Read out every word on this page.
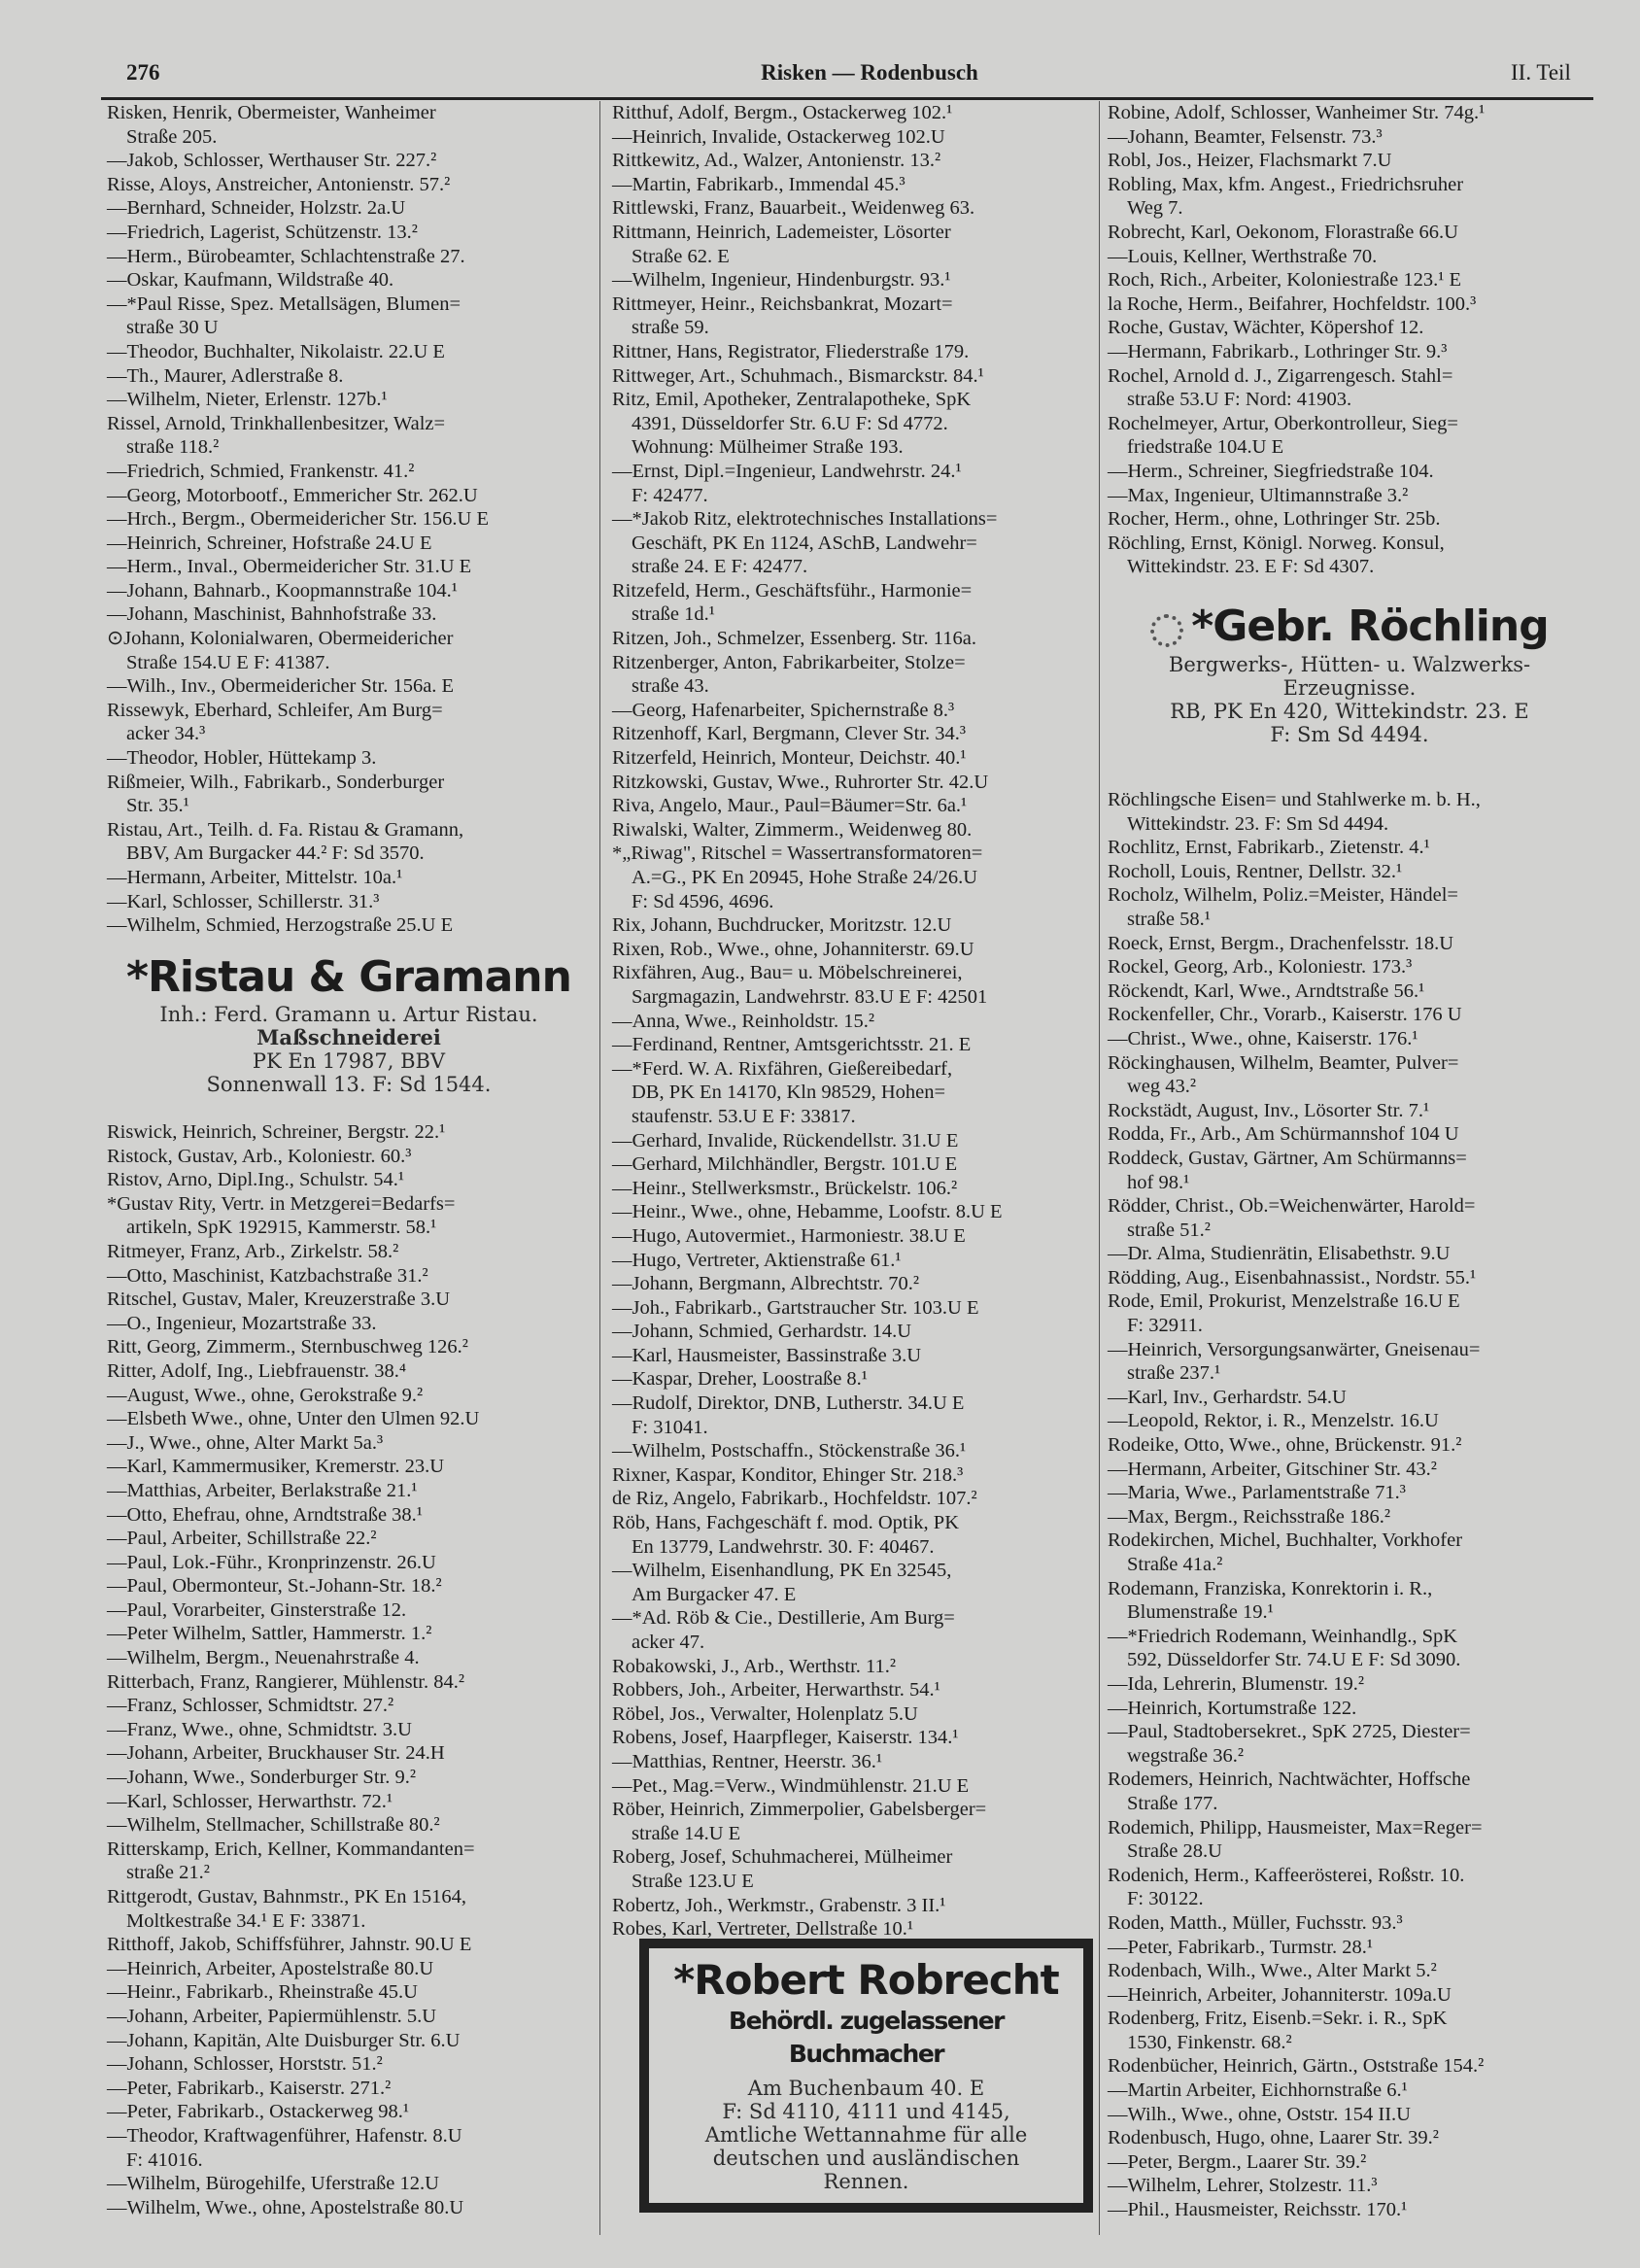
276	Risken — Rodenbusch	II. Teil
Risken, Henrik, Obermeister, Wanheimer
Straße 205.
—Jakob, Schlosser, Werthauser Str. 227.²
Risse, Aloys, Anstreicher, Antonienstr. 57.²
—Bernhard, Schneider, Holzstr. 2a.U
—Friedrich, Lagerist, Schützenstr. 13.²
—Herm., Bürobeamter, Schlachtenstraße 27.
—Oskar, Kaufmann, Wildstraße 40.
—*Paul Risse, Spez. Metallsägen, Blumen=
straße 30 U
—Theodor, Buchhalter, Nikolaistr. 22.U E
—Th., Maurer, Adlerstraße 8.
—Wilhelm, Nieter, Erlenstr. 127b.¹
Rissel, Arnold, Trinkhallenbesitzer, Walz=
straße 118.²
—Friedrich, Schmied, Frankenstr. 41.²
—Georg, Motorbootf., Emmericher Str. 262.U
—Hrch., Bergm., Obermeidericher Str. 156.U E
—Heinrich, Schreiner, Hofstraße 24.U E
—Herm., Inval., Obermeidericher Str. 31.U E
—Johann, Bahnarb., Koopmannstraße 104.¹
—Johann, Maschinist, Bahnhofstraße 33.
⊙Johann, Kolonialwaren, Obermeidericher
Straße 154.U E F: 41387.
—Wilh., Inv., Obermeidericher Str. 156a. E
Rissewyk, Eberhard, Schleifer, Am Burg=
acker 34.³
—Theodor, Hobler, Hüttekamp 3.
Rißmeier, Wilh., Fabrikarb., Sonderburger
Str. 35.¹
Ristau, Art., Teilh. d. Fa. Ristau & Gramann,
BBV, Am Burgacker 44.² F: Sd 3570.
—Hermann, Arbeiter, Mittelstr. 10a.¹
—Karl, Schlosser, Schillerstr. 31.³
—Wilhelm, Schmied, Herzogstraße 25.U E
*Ristau & Gramann
Inh.: Ferd. Gramann u. Artur Ristau.
Maßschneiderei
PK En 17987, BBV
Sonnenwall 13. F: Sd 1544.
Riswick, Heinrich, Schreiner, Bergstr. 22.¹
Ristock, Gustav, Arb., Koloniestr. 60.³
Ristov, Arno, Dipl.Ing., Schulstr. 54.¹
*Gustav Rity, Vertr. in Metzgerei=Bedarfs=
artikeln, SpK 192915, Kammerstr. 58.¹
Ritmeyer, Franz, Arb., Zirkelstr. 58.²
—Otto, Maschinist, Katzbachstraße 31.²
Ritschel, Gustav, Maler, Kreuzerstraße 3.U
—O., Ingenieur, Mozartstraße 33.
Ritt, Georg, Zimmerm., Sternbuschweg 126.²
Ritter, Adolf, Ing., Liebfrauenstr. 38.⁴
—August, Wwe., ohne, Gerokstraße 9.²
—Elsbeth Wwe., ohne, Unter den Ulmen 92.U
—J., Wwe., ohne, Alter Markt 5a.³
—Karl, Kammermusiker, Kremerstr. 23.U
—Matthias, Arbeiter, Berlakstraße 21.¹
—Otto, Ehefrau, ohne, Arndtstraße 38.¹
—Paul, Arbeiter, Schillstraße 22.²
—Paul, Lok.-Führ., Kronprinzenstr. 26.U
—Paul, Obermonteur, St.-Johann-Str. 18.²
—Paul, Vorarbeiter, Ginsterstraße 12.
—Peter Wilhelm, Sattler, Hammerstr. 1.²
—Wilhelm, Bergm., Neuenahrstraße 4.
Ritterbach, Franz, Rangierer, Mühlenstr. 84.²
—Franz, Schlosser, Schmidtstr. 27.²
—Franz, Wwe., ohne, Schmidtstr. 3.U
—Johann, Arbeiter, Bruckhauser Str. 24.H
—Johann, Wwe., Sonderburger Str. 9.²
—Karl, Schlosser, Herwarthstr. 72.¹
—Wilhelm, Stellmacher, Schillstraße 80.²
Ritterskamp, Erich, Kellner, Kommandanten=
straße 21.²
Rittgerodt, Gustav, Bahnmstr., PK En 15164,
Moltkestraße 34.¹ E F: 33871.
Ritthoff, Jakob, Schiffsführer, Jahnstr. 90.U E
—Heinrich, Arbeiter, Apostelstraße 80.U
—Heinr., Fabrikarb., Rheinstraße 45.U
—Johann, Arbeiter, Papiermühlenstr. 5.U
—Johann, Kapitän, Alte Duisburger Str. 6.U
—Johann, Schlosser, Horststr. 51.²
—Peter, Fabrikarb., Kaiserstr. 271.²
—Peter, Fabrikarb., Ostackerweg 98.¹
—Theodor, Kraftwagenführer, Hafenstr. 8.U
F: 41016.
—Wilhelm, Bürogehilfe, Uferstraße 12.U
—Wilhelm, Wwe., ohne, Apostelstraße 80.U
Ritthuf, Adolf, Bergm., Ostackerweg 102.¹
—Heinrich, Invalide, Ostackerweg 102.U
Rittkewitz, Ad., Walzer, Antonienstr. 13.²
—Martin, Fabrikarb., Immendal 45.³
Rittlewski, Franz, Bauarbeit., Weidenweg 63.
Rittmann, Heinrich, Lademeister, Lösorter
Straße 62. E
—Wilhelm, Ingenieur, Hindenburgstr. 93.¹
Rittmeyer, Heinr., Reichsbankrat, Mozart=
straße 59.
Rittner, Hans, Registrator, Fliederstraße 179.
Rittweger, Art., Schuhmach., Bismarckstr. 84.¹
Ritz, Emil, Apotheker, Zentralapotheke, SpK
4391, Düsseldorfer Str. 6.U F: Sd 4772.
Wohnung: Mülheimer Straße 193.
—Ernst, Dipl.=Ingenieur, Landwehrstr. 24.¹
F: 42477.
—*Jakob Ritz, elektrotechnisches Installations=
Geschäft, PK En 1124, ASchB, Landwehr=
straße 24. E F: 42477.
Ritzefeld, Herm., Geschäftsführ., Harmonie=
straße 1d.¹
Ritzen, Joh., Schmelzer, Essenberg. Str. 116a.
Ritzenberger, Anton, Fabrikarbeiter, Stolze=
straße 43.
—Georg, Hafenarbeiter, Spichernstraße 8.³
Ritzenhoff, Karl, Bergmann, Clever Str. 34.³
Ritzerfeld, Heinrich, Monteur, Deichstr. 40.¹
Ritzkowski, Gustav, Wwe., Ruhrorter Str. 42.U
Riva, Angelo, Maur., Paul=Bäumer=Str. 6a.¹
Riwalski, Walter, Zimmerm., Weidenweg 80.
*„Riwag", Ritschel = Wassertransformatoren=
A.=G., PK En 20945, Hohe Straße 24/26.U
F: Sd 4596, 4696.
Rix, Johann, Buchdrucker, Moritzstr. 12.U
Rixen, Rob., Wwe., ohne, Johanniterstr. 69.U
Rixfähren, Aug., Bau= u. Möbelschreinerei,
Sargmagazin, Landwehrstr. 83.U E F: 42501
—Anna, Wwe., Reinholdstr. 15.²
—Ferdinand, Rentner, Amtsgerichtsstr. 21. E
—*Ferd. W. A. Rixfähren, Gießereibedarf,
DB, PK En 14170, Kln 98529, Hohen=
staufenstr. 53.U E F: 33817.
—Gerhard, Invalide, Rückendellstr. 31.U E
—Gerhard, Milchhändler, Bergstr. 101.U E
—Heinr., Stellwerksmstr., Brückelstr. 106.²
—Heinr., Wwe., ohne, Hebamme, Loofstr. 8.U E
—Hugo, Autovermiet., Harmoniestr. 38.U E
—Hugo, Vertreter, Aktienstraße 61.¹
—Johann, Bergmann, Albrechtstr. 70.²
—Joh., Fabrikarb., Gartstraucher Str. 103.U E
—Johann, Schmied, Gerhardstr. 14.U
—Karl, Hausmeister, Bassinstraße 3.U
—Kaspar, Dreher, Loostraße 8.¹
—Rudolf, Direktor, DNB, Lutherstr. 34.U E
F: 31041.
—Wilhelm, Postschaffn., Stöckenstraße 36.¹
Rixner, Kaspar, Konditor, Ehinger Str. 218.³
de Riz, Angelo, Fabrikarb., Hochfeldstr. 107.²
Röb, Hans, Fachgeschäft f. mod. Optik, PK
En 13779, Landwehrstr. 30. F: 40467.
—Wilhelm, Eisenhandlung, PK En 32545,
Am Burgacker 47. E
—*Ad. Röb & Cie., Destillerie, Am Burg=
acker 47.
Robakowski, J., Arb., Werthstr. 11.²
Robbers, Joh., Arbeiter, Herwarthstr. 54.¹
Röbel, Jos., Verwalter, Holenplatz 5.U
Robens, Josef, Haarpfleger, Kaiserstr. 134.¹
—Matthias, Rentner, Heerstr. 36.¹
—Pet., Mag.=Verw., Windmühlenstr. 21.U E
Röber, Heinrich, Zimmerpolier, Gabelsberger=
straße 14.U E
Roberg, Josef, Schuhmacherei, Mülheimer
Straße 123.U E
Robertz, Joh., Werkmstr., Grabenstr. 3 II.¹
Robes, Karl, Vertreter, Dellstraße 10.¹
*Robert Robrecht
Behördl. zugelassener Buchmacher
Am Buchenbaum 40. E
F: Sd 4110, 4111 und 4145,
Amtliche Wettannahme für alle
deutschen und ausländischen
Rennen.
Robine, Adolf, Schlosser, Wanheimer Str. 74g.¹
—Johann, Beamter, Felsenstr. 73.³
Robl, Jos., Heizer, Flachsmarkt 7.U
Robling, Max, kfm. Angest., Friedrichsruher
Weg 7.
Robrecht, Karl, Oekonom, Florastraße 66.U
—Louis, Kellner, Werthstraße 70.
Roch, Rich., Arbeiter, Koloniestraße 123.¹ E
la Roche, Herm., Beifahrer, Hochfeldstr. 100.³
Roche, Gustav, Wächter, Köpershof 12.
—Hermann, Fabrikarb., Lothringer Str. 9.³
Rochel, Arnold d. J., Zigarrengesch. Stahl=
straße 53.U F: Nord: 41903.
Rochelmeyer, Artur, Oberkontrolleur, Sieg=
friedstraße 104.U E
—Herm., Schreiner, Siegfriedstraße 104.
—Max, Ingenieur, Ultimannstraße 3.²
Rocher, Herm., ohne, Lothringer Str. 25b.
Röchling, Ernst, Königl. Norweg. Konsul,
Wittekindstr. 23. E F: Sd 4307.
*Gebr. Röchling
Bergwerks-, Hütten- u. Walzwerks-
Erzeugnisse.
RB, PK En 420, Wittekindstr. 23. E
F: Sm Sd 4494.
Röchlingsche Eisen= und Stahlwerke m. b. H.,
Wittekindstr. 23. F: Sm Sd 4494.
Rochlitz, Ernst, Fabrikarb., Zietenstr. 4.¹
Rocholl, Louis, Rentner, Dellstr. 32.¹
Rocholz, Wilhelm, Poliz.=Meister, Händel=
straße 58.¹
Roeck, Ernst, Bergm., Drachenfelsstr. 18.U
Rockel, Georg, Arb., Koloniestr. 173.³
Röckendt, Karl, Wwe., Arndtstraße 56.¹
Rockenfeller, Chr., Vorarb., Kaiserstr. 176 U
—Christ., Wwe., ohne, Kaiserstr. 176.¹
Röckinghausen, Wilhelm, Beamter, Pulver=
weg 43.²
Rockstädt, August, Inv., Lösorter Str. 7.¹
Rodda, Fr., Arb., Am Schürmannshof 104 U
Roddeck, Gustav, Gärtner, Am Schürmanns=
hof 98.¹
Rödder, Christ., Ob.=Weichenwärter, Harold=
straße 51.²
—Dr. Alma, Studienrätin, Elisabethstr. 9.U
Rödding, Aug., Eisenbahnassist., Nordstr. 55.¹
Rode, Emil, Prokurist, Menzelstraße 16.U E
F: 32911.
—Heinrich, Versorgungsanwärter, Gneisenau=
straße 237.¹
—Karl, Inv., Gerhardstr. 54.U
—Leopold, Rektor, i. R., Menzelstr. 16.U
Rodeike, Otto, Wwe., ohne, Brückenstr. 91.²
—Hermann, Arbeiter, Gitschiner Str. 43.²
—Maria, Wwe., Parlamentstraße 71.³
—Max, Bergm., Reichsstraße 186.²
Rodekirchen, Michel, Buchhalter, Vorkhofer
Straße 41a.²
Rodemann, Franziska, Konrektorin i. R.,
Blumenstraße 19.¹
—*Friedrich Rodemann, Weinhandlg., SpK
592, Düsseldorfer Str. 74.U E F: Sd 3090.
—Ida, Lehrerin, Blumenstr. 19.²
—Heinrich, Kortumstraße 122.
—Paul, Stadtobersekret., SpK 2725, Diester=
wegstraße 36.²
Rodemers, Heinrich, Nachtwächter, Hoffsche
Straße 177.
Rodemich, Philipp, Hausmeister, Max=Reger=
Straße 28.U
Rodenich, Herm., Kaffeerösterei, Roßstr. 10.
F: 30122.
Roden, Matth., Müller, Fuchsstr. 93.³
—Peter, Fabrikarb., Turmstr. 28.¹
Rodenbach, Wilh., Wwe., Alter Markt 5.²
—Heinrich, Arbeiter, Johanniterstr. 109a.U
Rodenberg, Fritz, Eisenb.=Sekr. i. R., SpK
1530, Finkenstr. 68.²
Rodenbücher, Heinrich, Gärtn., Oststraße 154.²
—Martin Arbeiter, Eichhornstraße 6.¹
—Wilh., Wwe., ohne, Oststr. 154 II.U
Rodenbusch, Hugo, ohne, Laarer Str. 39.²
—Peter, Bergm., Laarer Str. 39.²
—Wilhelm, Lehrer, Stolzestr. 11.³
—Phil., Hausmeister, Reichsstr. 170.¹
